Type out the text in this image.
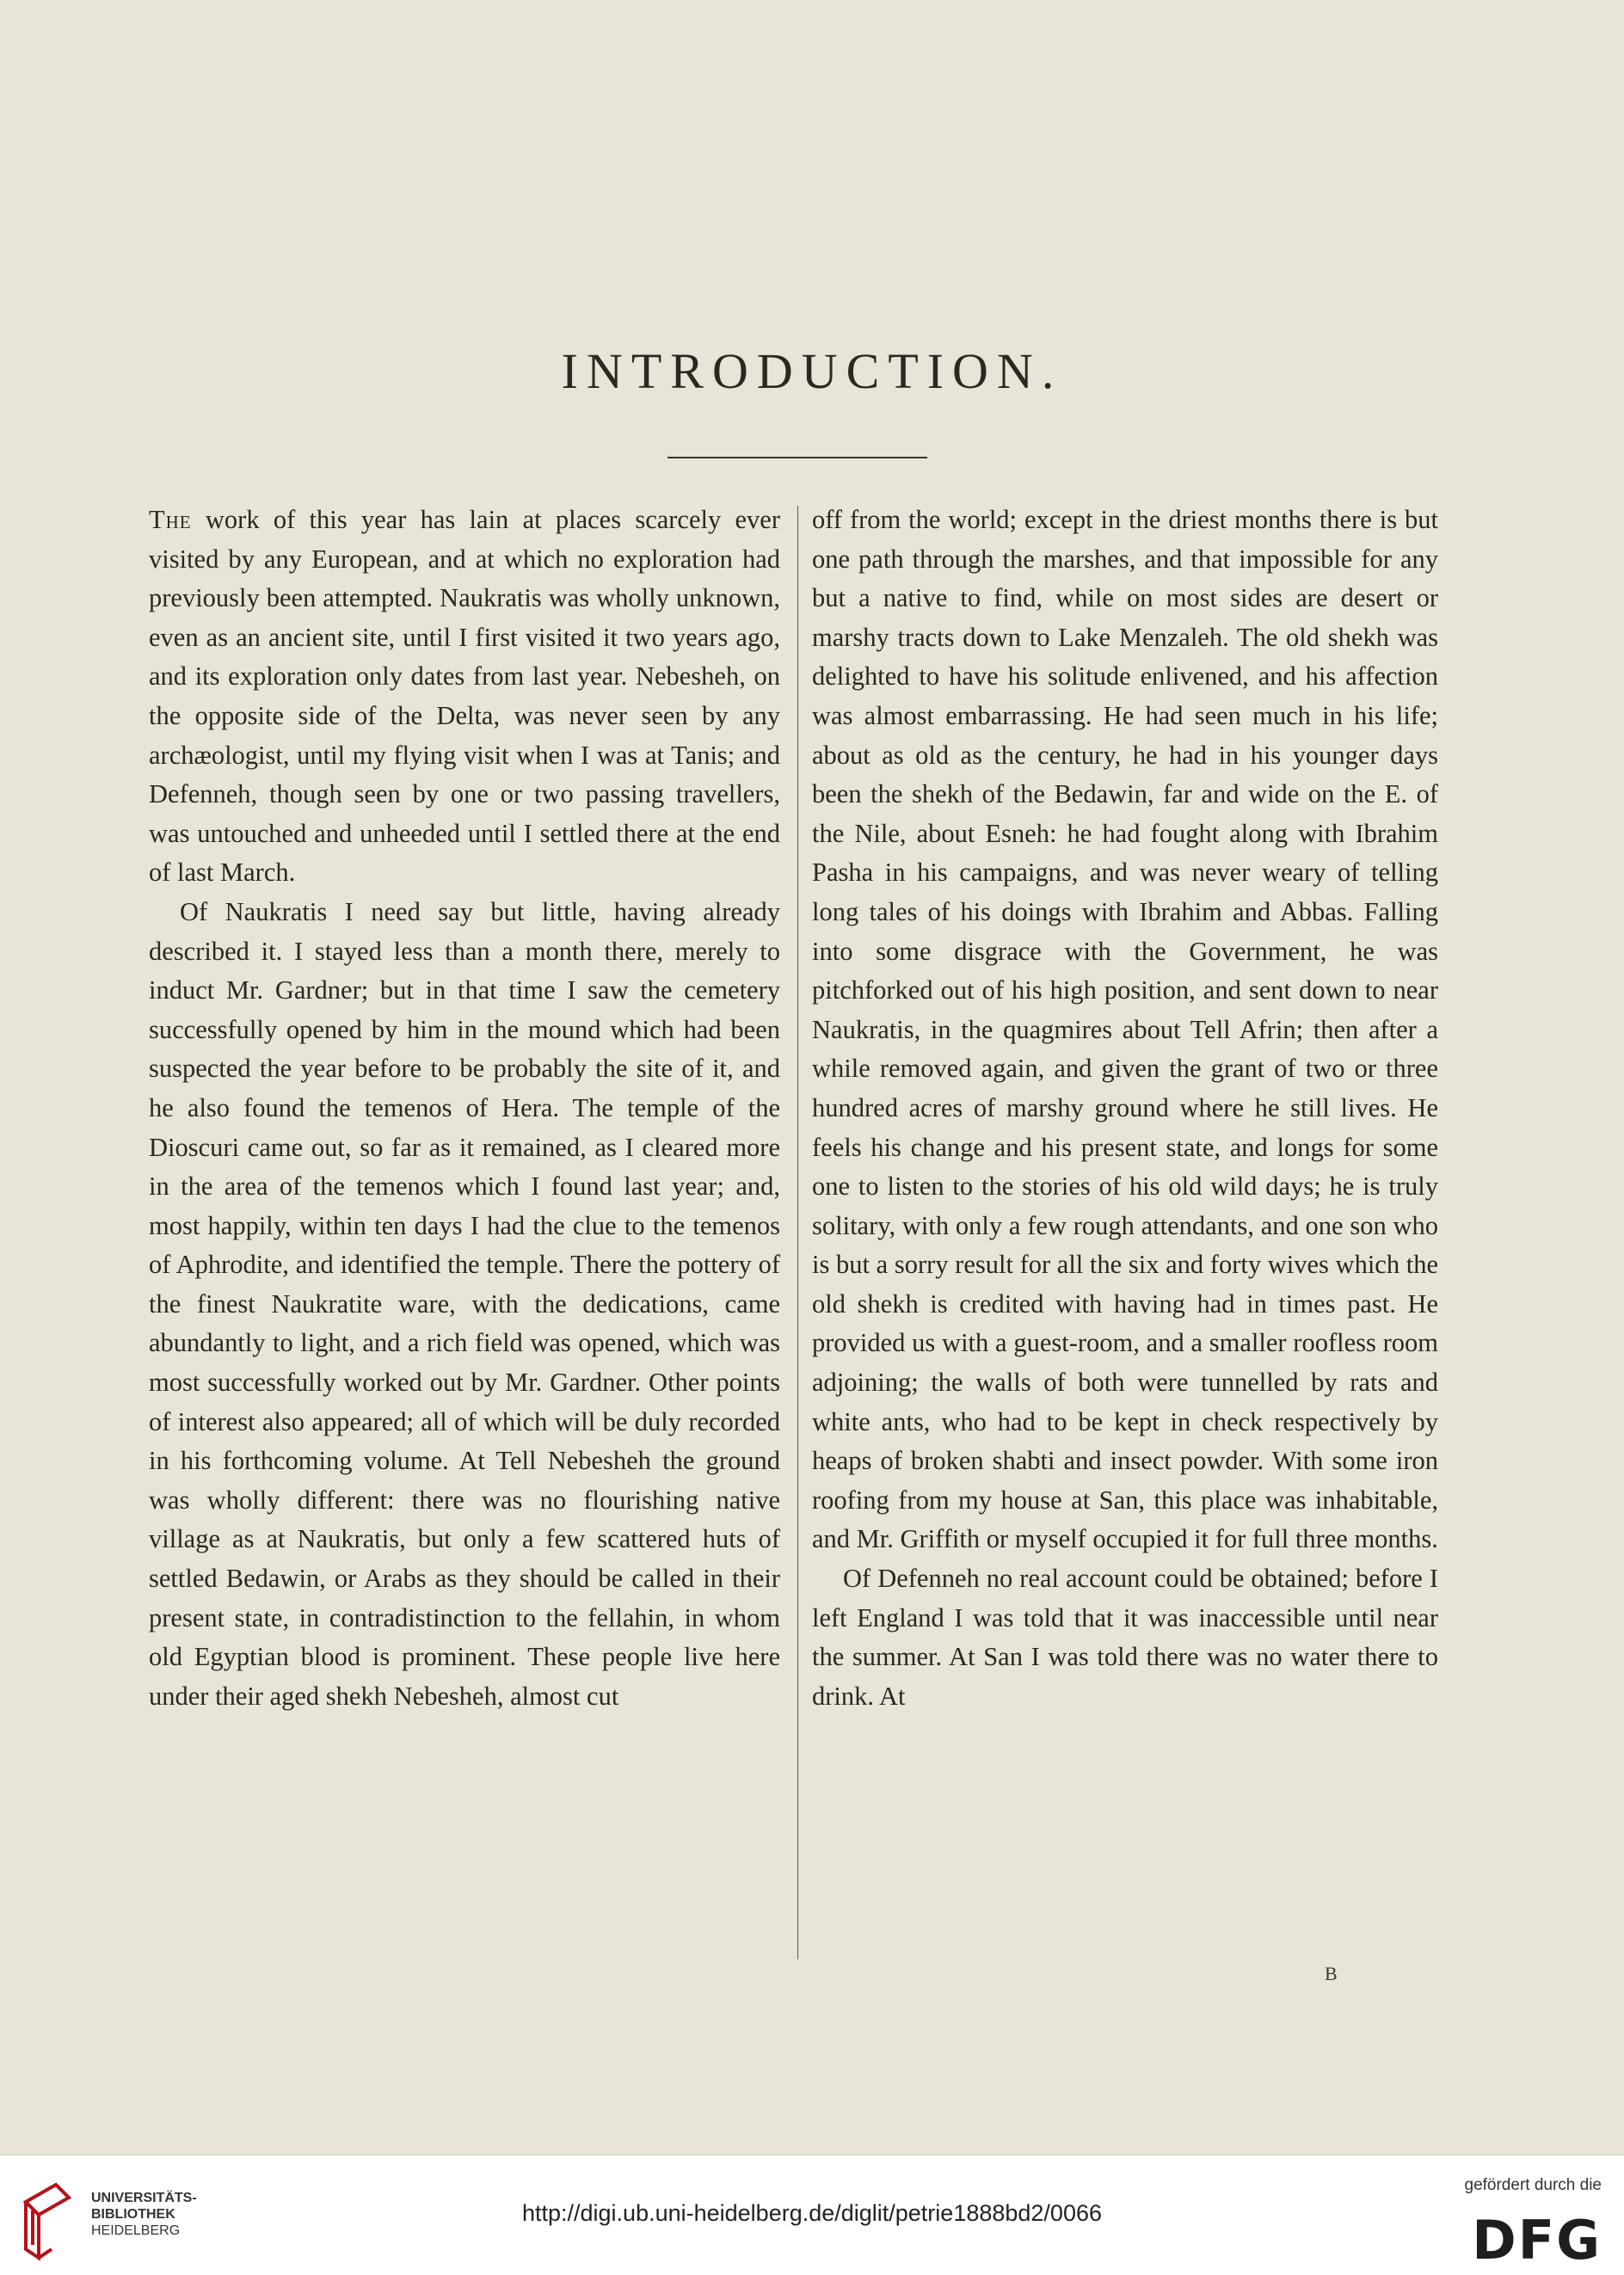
INTRODUCTION.

The work of this year has lain at places scarcely ever visited by any European, and at which no exploration had previously been attempted. Naukratis was wholly unknown, even as an ancient site, until I first visited it two years ago, and its exploration only dates from last year. Nebesheh, on the opposite side of the Delta, was never seen by any archæologist, until my flying visit when I was at Tanis; and Defenneh, though seen by one or two passing travellers, was untouched and unheeded until I settled there at the end of last March.

Of Naukratis I need say but little, having already described it. I stayed less than a month there, merely to induct Mr. Gardner; but in that time I saw the cemetery successfully opened by him in the mound which had been suspected the year before to be probably the site of it, and he also found the temenos of Hera. The temple of the Dioscuri came out, so far as it remained, as I cleared more in the area of the temenos which I found last year; and, most happily, within ten days I had the clue to the temenos of Aphrodite, and identified the temple. There the pottery of the finest Naukratite ware, with the dedications, came abundantly to light, and a rich field was opened, which was most successfully worked out by Mr. Gardner. Other points of interest also appeared; all of which will be duly recorded in his forthcoming volume. At Tell Nebesheh the ground was wholly different: there was no flourishing native village as at Naukratis, but only a few scattered huts of settled Bedawin, or Arabs as they should be called in their present state, in contradistinction to the fellahin, in whom old Egyptian blood is prominent. These people live here under their aged shekh Nebesheh, almost cut

off from the world; except in the driest months there is but one path through the marshes, and that impossible for any but a native to find, while on most sides are desert or marshy tracts down to Lake Menzaleh. The old shekh was delighted to have his solitude enlivened, and his affection was almost embarrassing. He had seen much in his life; about as old as the century, he had in his younger days been the shekh of the Bedawin, far and wide on the E. of the Nile, about Esneh: he had fought along with Ibrahim Pasha in his campaigns, and was never weary of telling long tales of his doings with Ibrahim and Abbas. Falling into some disgrace with the Government, he was pitchforked out of his high position, and sent down to near Naukratis, in the quagmires about Tell Afrin; then after a while removed again, and given the grant of two or three hundred acres of marshy ground where he still lives. He feels his change and his present state, and longs for some one to listen to the stories of his old wild days; he is truly solitary, with only a few rough attendants, and one son who is but a sorry result for all the six and forty wives which the old shekh is credited with having had in times past. He provided us with a guest-room, and a smaller roofless room adjoining; the walls of both were tunnelled by rats and white ants, who had to be kept in check respectively by heaps of broken shabti and insect powder. With some iron roofing from my house at San, this place was inhabitable, and Mr. Griffith or myself occupied it for full three months.

Of Defenneh no real account could be obtained; before I left England I was told that it was inaccessible until near the summer. At San I was told there was no water there to drink. At

B
UNIVERSITÄTS-
BIBLIOTHEK
HEIDELBERG
http://digi.ub.uni-heidelberg.de/diglit/petrie1888bd2/0066
gefördert durch die
DFG
